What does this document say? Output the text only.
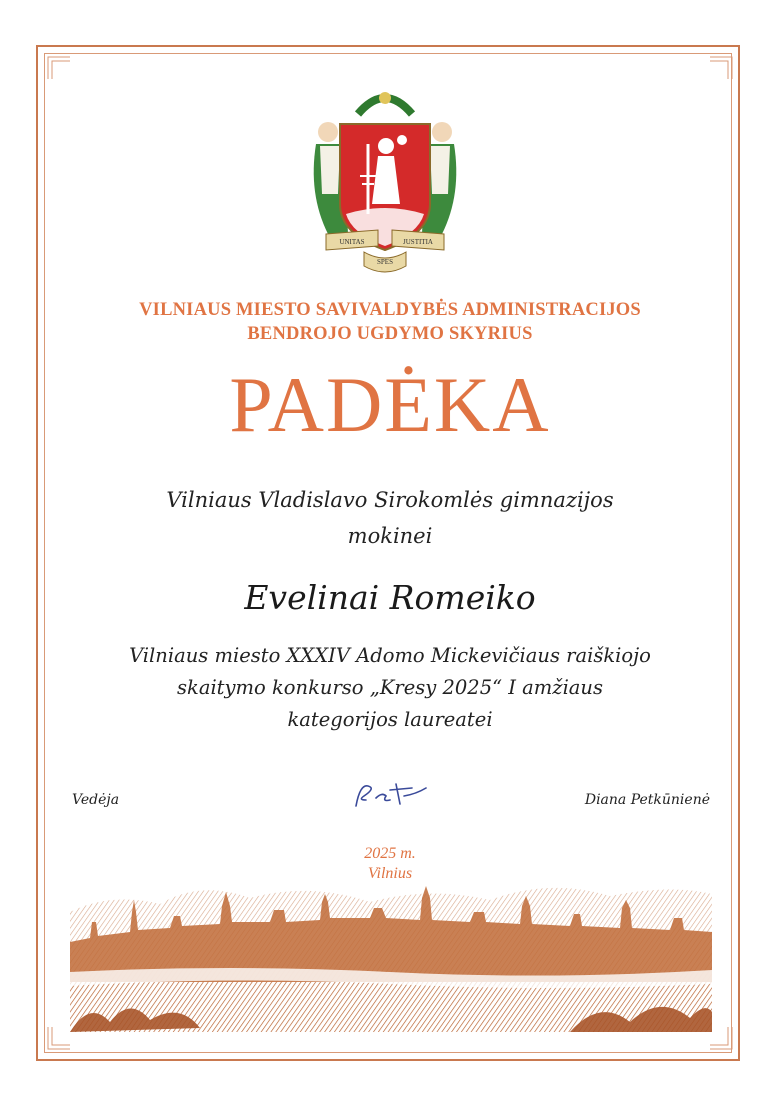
UNITAS	JUSTITIA
SPES
VILNIAUS MIESTO SAVIVALDYBĖS ADMINISTRACIJOS
BENDROJO UGDYMO SKYRIUS
PADĖKA
Vilniaus Vladislavo Sirokomlės gimnazijos
mokinei
Evelinai Romeiko
Vilniaus miesto XXXIV Adomo Mickevičiaus raiškiojo
skaitymo konkurso „Kresy 2025“ I amžiaus
kategorijos laureatei
Vedėja	Diana Petkūnienė
2025 m.
Vilnius
